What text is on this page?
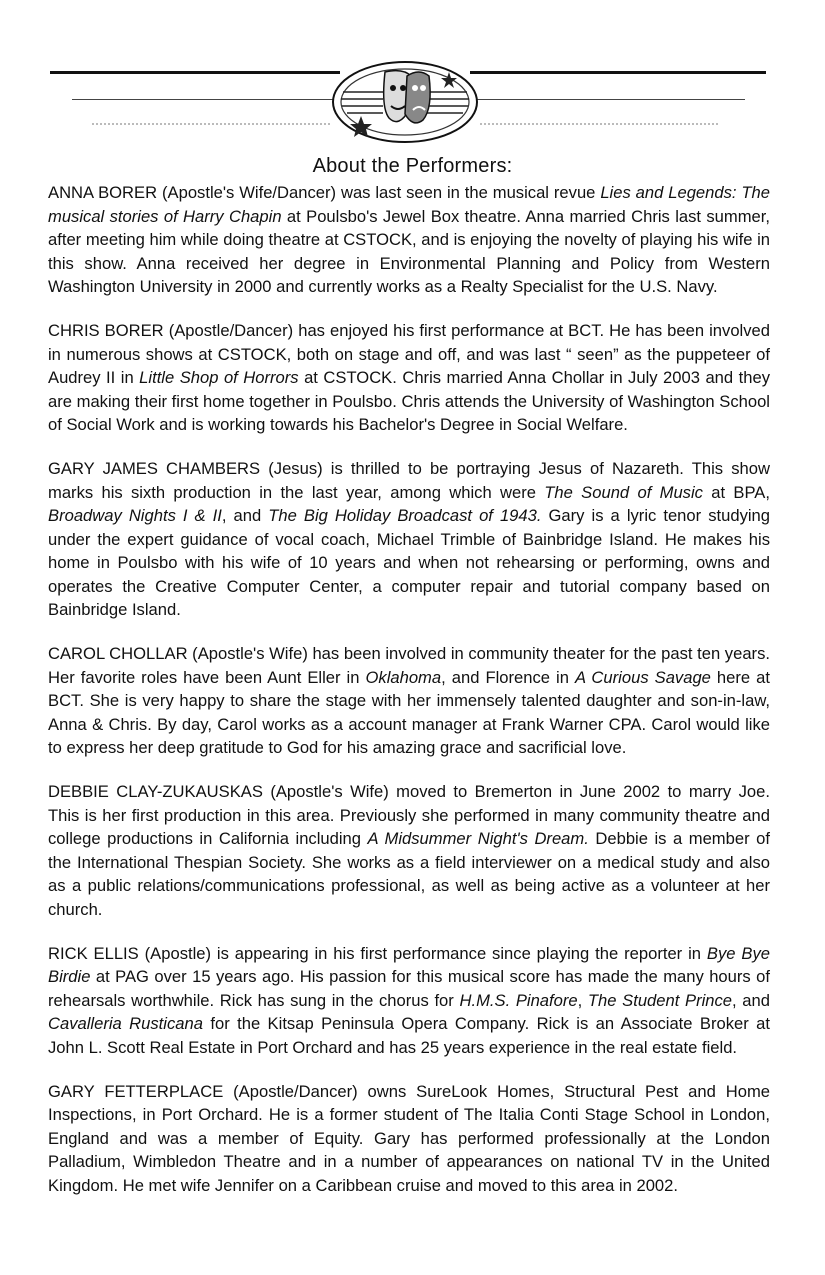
About the Performers:

ANNA BORER (Apostle's Wife/Dancer) was last seen in the musical revue Lies and Legends: The musical stories of Harry Chapin at Poulsbo's Jewel Box theatre. Anna married Chris last summer, after meeting him while doing theatre at CSTOCK, and is enjoying the novelty of playing his wife in this show. Anna received her degree in Environmental Planning and Policy from Western Washington University in 2000 and currently works as a Realty Specialist for the U.S. Navy.

CHRIS BORER (Apostle/Dancer) has enjoyed his first performance at BCT. He has been involved in numerous shows at CSTOCK, both on stage and off, and was last “ seen” as the puppeteer of Audrey II in Little Shop of Horrors at CSTOCK. Chris married Anna Chollar in July 2003 and they are making their first home together in Poulsbo. Chris attends the University of Washington School of Social Work and is working towards his Bachelor's Degree in Social Welfare.

GARY JAMES CHAMBERS (Jesus) is thrilled to be portraying Jesus of Nazareth. This show marks his sixth production in the last year, among which were The Sound of Music at BPA, Broadway Nights I & II, and The Big Holiday Broadcast of 1943. Gary is a lyric tenor studying under the expert guidance of vocal coach, Michael Trimble of Bainbridge Island. He makes his home in Poulsbo with his wife of 10 years and when not rehearsing or performing, owns and operates the Creative Computer Center, a computer repair and tutorial company based on Bainbridge Island.

CAROL CHOLLAR (Apostle's Wife) has been involved in community theater for the past ten years. Her favorite roles have been Aunt Eller in Oklahoma, and Florence in A Curious Savage here at BCT. She is very happy to share the stage with her immensely talented daughter and son-in-law, Anna & Chris. By day, Carol works as a account manager at Frank Warner CPA. Carol would like to express her deep gratitude to God for his amazing grace and sacrificial love.

DEBBIE CLAY-ZUKAUSKAS (Apostle's Wife) moved to Bremerton in June 2002 to marry Joe. This is her first production in this area. Previously she performed in many community theatre and college productions in California including A Midsummer Night's Dream. Debbie is a member of the International Thespian Society. She works as a field interviewer on a medical study and also as a public relations/communications professional, as well as being active as a volunteer at her church.

RICK ELLIS (Apostle) is appearing in his first performance since playing the reporter in Bye Bye Birdie at PAG over 15 years ago. His passion for this musical score has made the many hours of rehearsals worthwhile. Rick has sung in the chorus for H.M.S. Pinafore, The Student Prince, and Cavalleria Rusticana for the Kitsap Peninsula Opera Company. Rick is an Associate Broker at John L. Scott Real Estate in Port Orchard and has 25 years experience in the real estate field.

GARY FETTERPLACE (Apostle/Dancer) owns SureLook Homes, Structural Pest and Home Inspections, in Port Orchard. He is a former student of The Italia Conti Stage School in London, England and was a member of Equity. Gary has performed professionally at the London Palladium, Wimbledon Theatre and in a number of appearances on national TV in the United Kingdom. He met wife Jennifer on a Caribbean cruise and moved to this area in 2002.
